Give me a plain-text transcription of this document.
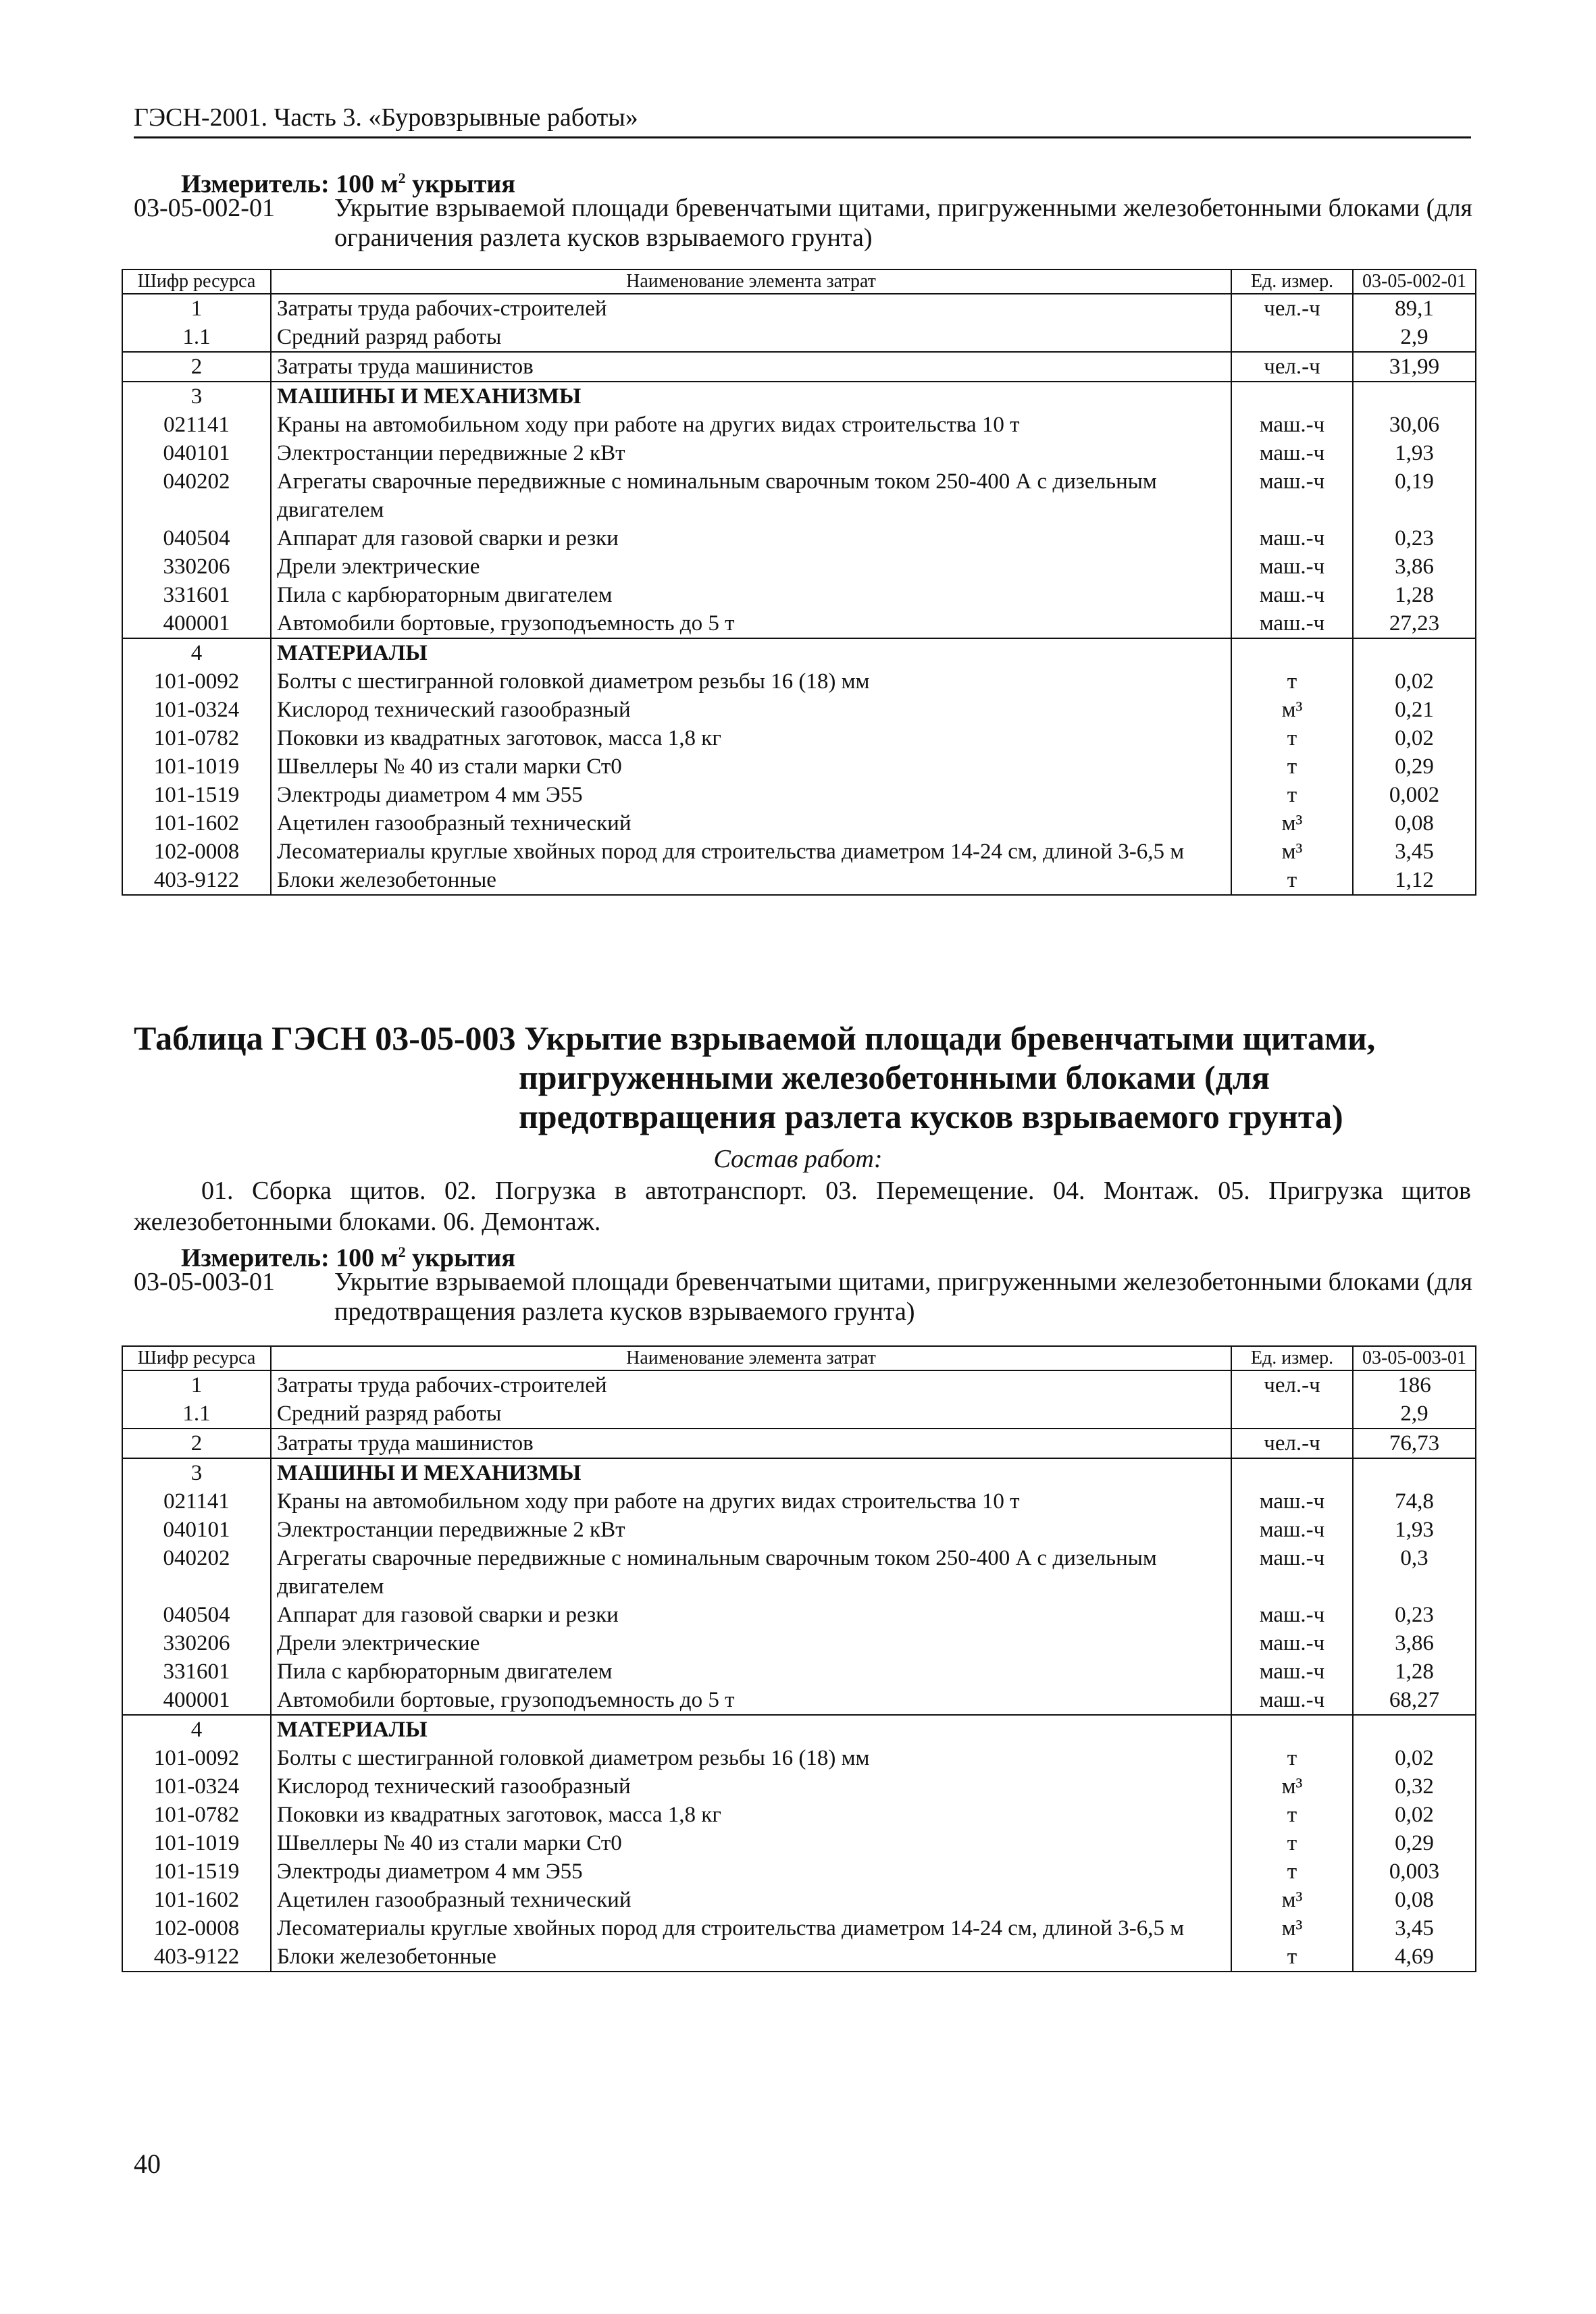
ГЭСН-2001. Часть 3. «Буровзрывные работы»
Измеритель: 100 $м^2$ укрытия
03-05-002-01 Укрытие взрываемой площади бревенчатыми щитами, пригруженными железобетонными блоками (для ограничения разлета кусков взрываемого грунта)
Шифр ресурса	Наименование элемента затрат	Ед. измер.	03-05-002-01
1	Затраты труда рабочих-строителей	чел.-ч	89,1
1.1	Средний разряд работы		2,9
2	Затраты труда машинистов	чел.-ч	31,99
3	МАШИНЫ И МЕХАНИЗМЫ		
021141	Краны на автомобильном ходу при работе на других видах строительства 10 т	маш.-ч	30,06
040101	Электростанции передвижные 2 кВт	маш.-ч	1,93
040202	Агрегаты сварочные передвижные с номинальным сварочным током 250-400 А с дизельным двигателем	маш.-ч	0,19
040504	Аппарат для газовой сварки и резки	маш.-ч	0,23
330206	Дрели электрические	маш.-ч	3,86
331601	Пила с карбюраторным двигателем	маш.-ч	1,28
400001	Автомобили бортовые, грузоподъемность до 5 т	маш.-ч	27,23
4	МАТЕРИАЛЫ		
101-0092	Болты с шестигранной головкой диаметром резьбы 16 (18) мм	т	0,02
101-0324	Кислород технический газообразный	м³	0,21
101-0782	Поковки из квадратных заготовок, масса 1,8 кг	т	0,02
101-1019	Швеллеры № 40 из стали марки Ст0	т	0,29
101-1519	Электроды диаметром 4 мм Э55	т	0,002
101-1602	Ацетилен газообразный технический	м³	0,08
102-0008	Лесоматериалы круглые хвойных пород для строительства диаметром 14-24 см, длиной 3-6,5 м	м³	3,45
403-9122	Блоки железобетонные	т	1,12
Таблица ГЭСН 03-05-003 Укрытие взрываемой площади бревенчатыми щитами,
пригруженными железобетонными блоками (для
предотвращения разлета кусков взрываемого грунта)
Состав работ:
01. Сборка щитов. 02. Погрузка в автотранспорт. 03. Перемещение. 04. Монтаж. 05. Пригрузка щитов железобетонными блоками. 06. Демонтаж.
Измеритель: 100 $м^2$ укрытия
03-05-003-01 Укрытие взрываемой площади бревенчатыми щитами, пригруженными железобетонными блоками (для предотвращения разлета кусков взрываемого грунта)
Шифр ресурса	Наименование элемента затрат	Ед. измер.	03-05-003-01
1	Затраты труда рабочих-строителей	чел.-ч	186
1.1	Средний разряд работы		2,9
2	Затраты труда машинистов	чел.-ч	76,73
3	МАШИНЫ И МЕХАНИЗМЫ		
021141	Краны на автомобильном ходу при работе на других видах строительства 10 т	маш.-ч	74,8
040101	Электростанции передвижные 2 кВт	маш.-ч	1,93
040202	Агрегаты сварочные передвижные с номинальным сварочным током 250-400 А с дизельным двигателем	маш.-ч	0,3
040504	Аппарат для газовой сварки и резки	маш.-ч	0,23
330206	Дрели электрические	маш.-ч	3,86
331601	Пила с карбюраторным двигателем	маш.-ч	1,28
400001	Автомобили бортовые, грузоподъемность до 5 т	маш.-ч	68,27
4	МАТЕРИАЛЫ		
101-0092	Болты с шестигранной головкой диаметром резьбы 16 (18) мм	т	0,02
101-0324	Кислород технический газообразный	м³	0,32
101-0782	Поковки из квадратных заготовок, масса 1,8 кг	т	0,02
101-1019	Швеллеры № 40 из стали марки Ст0	т	0,29
101-1519	Электроды диаметром 4 мм Э55	т	0,003
101-1602	Ацетилен газообразный технический	м³	0,08
102-0008	Лесоматериалы круглые хвойных пород для строительства диаметром 14-24 см, длиной 3-6,5 м	м³	3,45
403-9122	Блоки железобетонные	т	4,69
40
